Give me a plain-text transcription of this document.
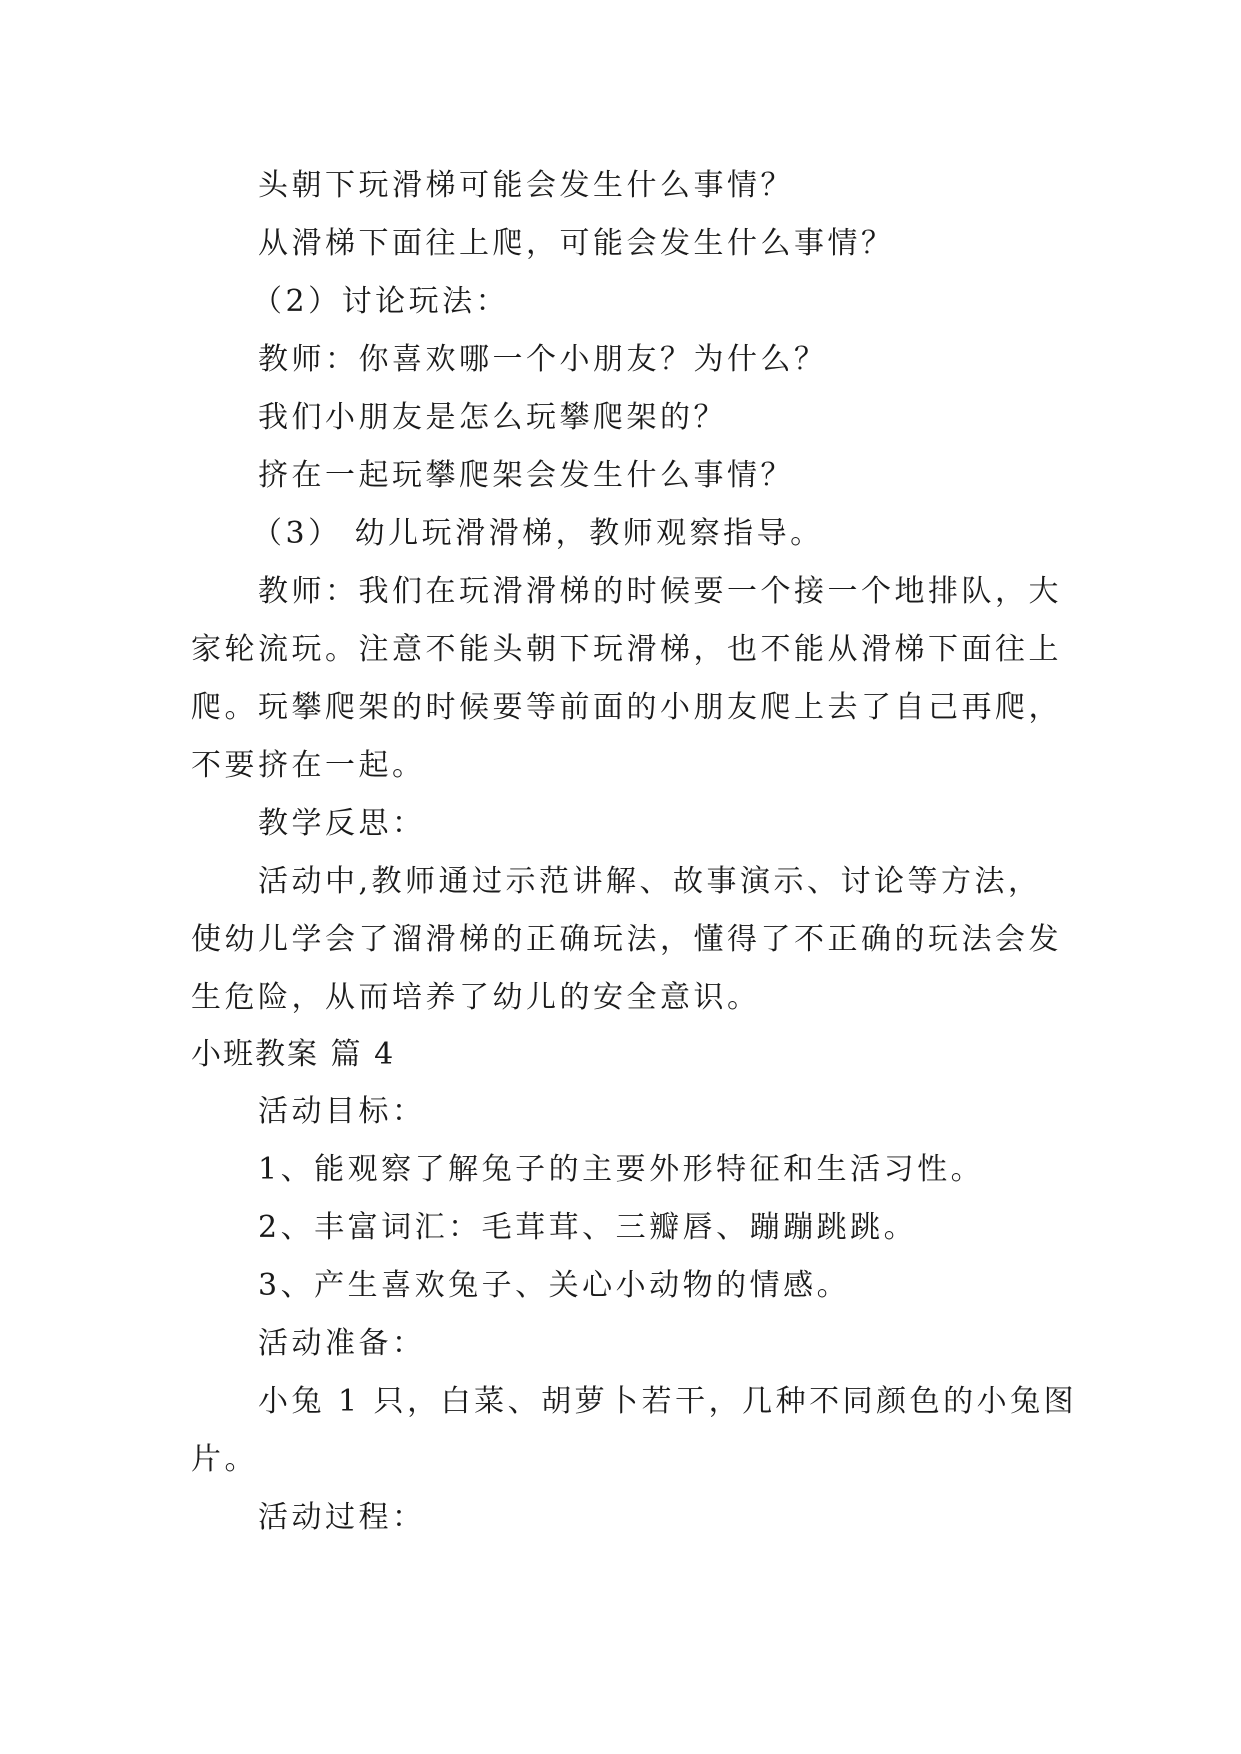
头朝下玩滑梯可能会发生什么事情？
从滑梯下面往上爬，可能会发生什么事情？
（2）讨论玩法：
教师：你喜欢哪一个小朋友？为什么？
我们小朋友是怎么玩攀爬架的？
挤在一起玩攀爬架会发生什么事情？
（3） 幼儿玩滑滑梯，教师观察指导。
教师：我们在玩滑滑梯的时候要一个接一个地排队，大
家轮流玩。注意不能头朝下玩滑梯，也不能从滑梯下面往上
爬。玩攀爬架的时候要等前面的小朋友爬上去了自己再爬，
不要挤在一起。
教学反思：
活动中,教师通过示范讲解、故事演示、讨论等方法，
使幼儿学会了溜滑梯的正确玩法，懂得了不正确的玩法会发
生危险，从而培养了幼儿的安全意识。
小班教案 篇 4
活动目标：
1、能观察了解兔子的主要外形特征和生活习性。
2、丰富词汇：毛茸茸、三瓣唇、蹦蹦跳跳。
3、产生喜欢兔子、关心小动物的情感。
活动准备：
小兔 1 只，白菜、胡萝卜若干，几种不同颜色的小兔图
片。
活动过程：
